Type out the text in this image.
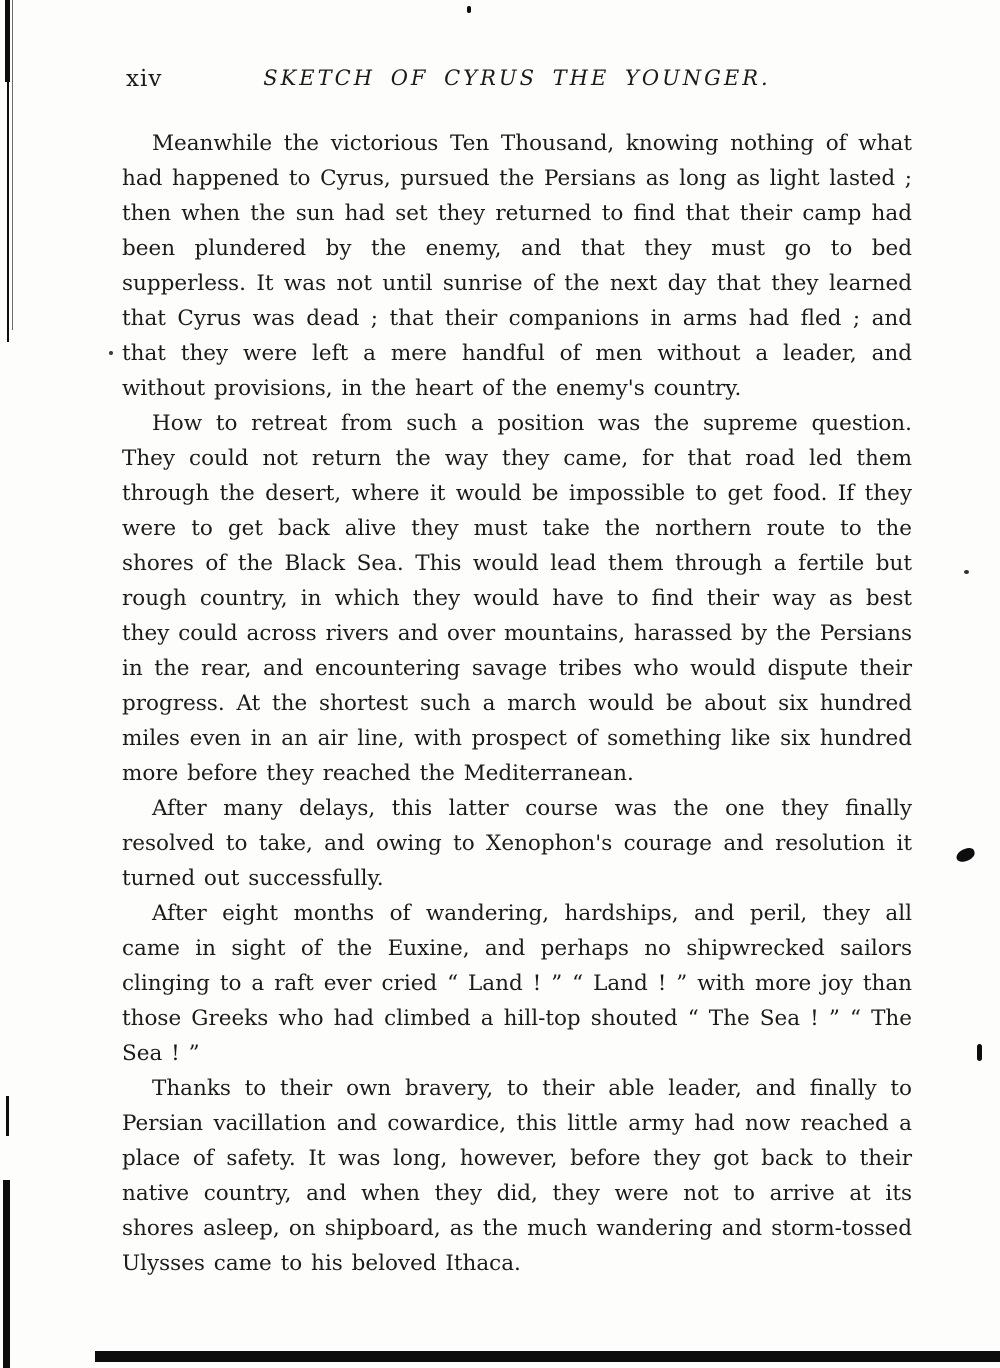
xiv	SKETCH OF CYRUS THE YOUNGER.

Meanwhile the victorious Ten Thousand, knowing nothing of what had happened to Cyrus, pursued the Persians as long as light lasted ; then when the sun had set they returned to find that their camp had been plundered by the enemy, and that they must go to bed supperless. It was not until sunrise of the next day that they learned that Cyrus was dead ; that their companions in arms had fled ; and that they were left a mere handful of men without a leader, and without provisions, in the heart of the enemy's country.

How to retreat from such a position was the supreme question. They could not return the way they came, for that road led them through the desert, where it would be impossible to get food. If they were to get back alive they must take the northern route to the shores of the Black Sea. This would lead them through a fertile but rough country, in which they would have to find their way as best they could across rivers and over mountains, harassed by the Persians in the rear, and encountering savage tribes who would dispute their progress. At the shortest such a march would be about six hundred miles even in an air line, with prospect of something like six hundred more before they reached the Mediterranean.

After many delays, this latter course was the one they finally resolved to take, and owing to Xenophon's courage and resolution it turned out successfully.

After eight months of wandering, hardships, and peril, they all came in sight of the Euxine, and perhaps no shipwrecked sailors clinging to a raft ever cried “ Land ! ” “ Land ! ” with more joy than those Greeks who had climbed a hill-top shouted “ The Sea ! ” “ The Sea ! ”

Thanks to their own bravery, to their able leader, and finally to Persian vacillation and cowardice, this little army had now reached a place of safety. It was long, however, before they got back to their native country, and when they did, they were not to arrive at its shores asleep, on shipboard, as the much wandering and storm-tossed Ulysses came to his beloved Ithaca.
